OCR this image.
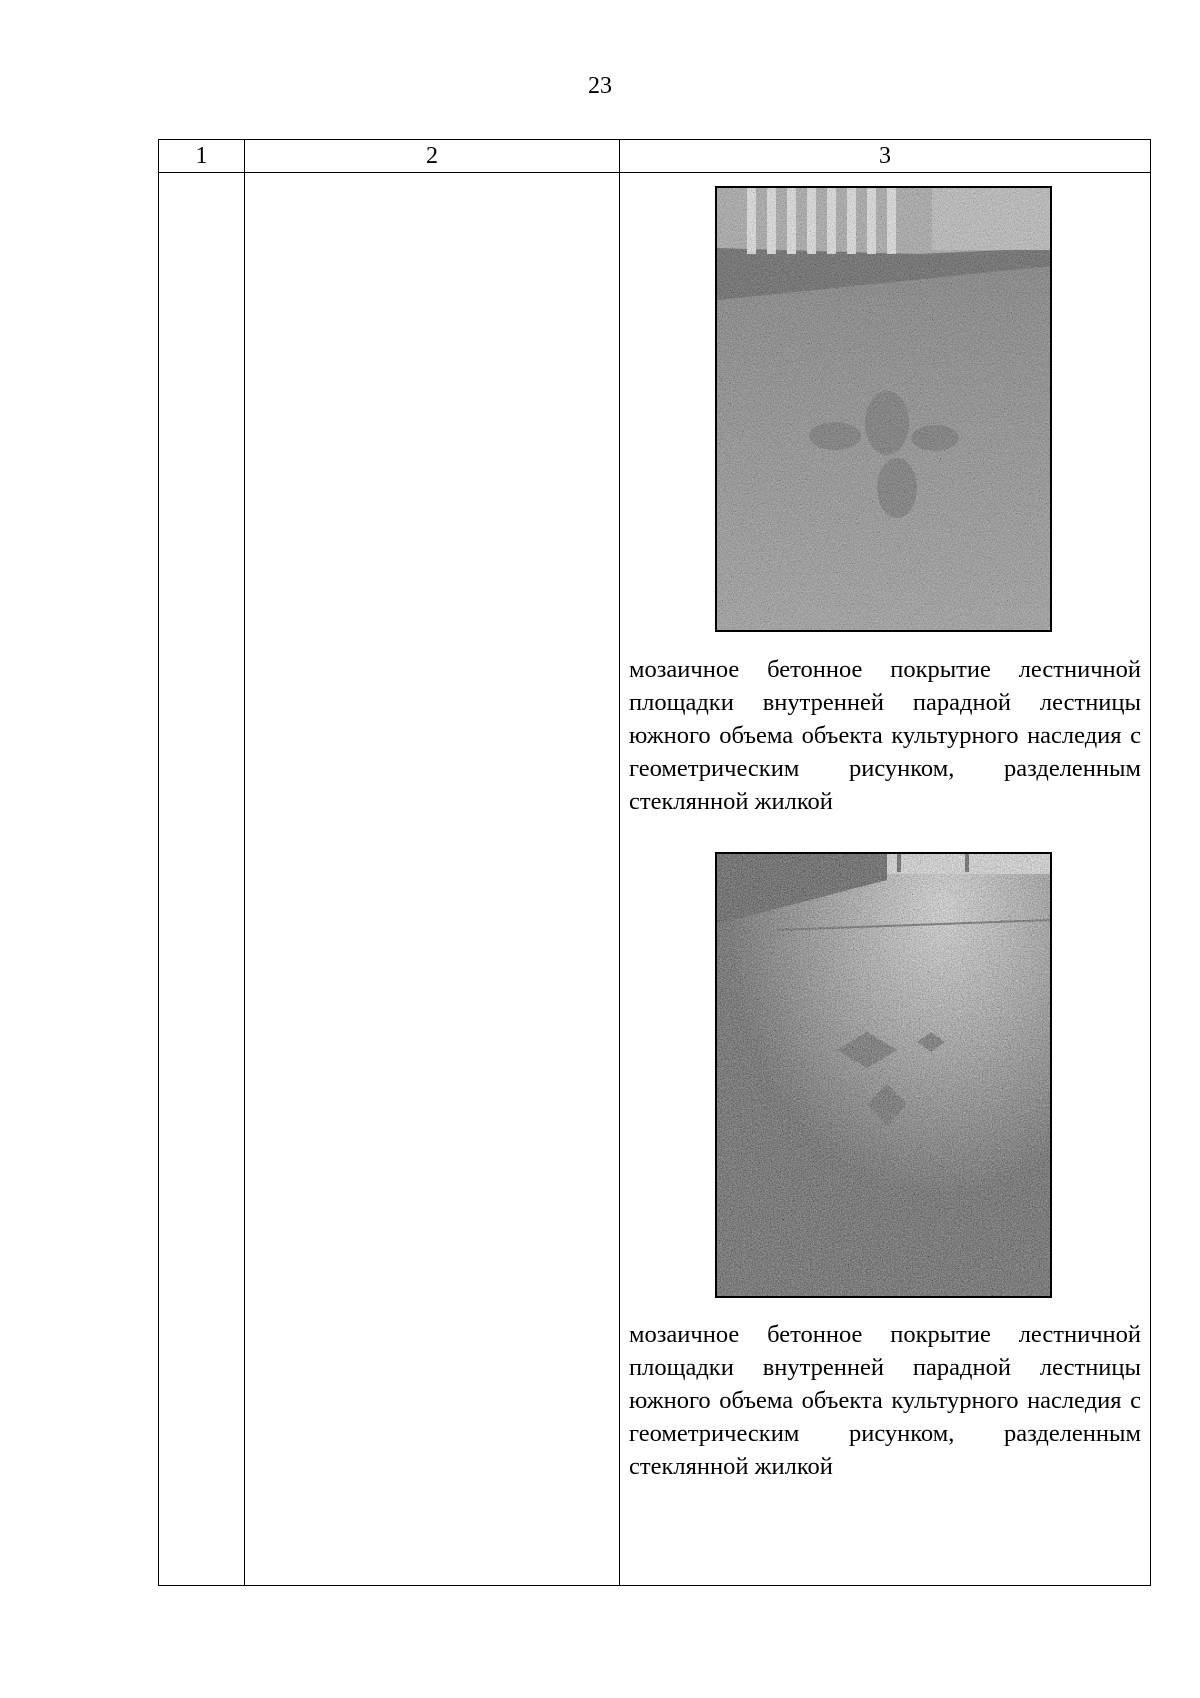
23
1	2	3
мозаичное бетонное покрытие лестничной площадки внутренней парадной лестницы южного объема объекта культурного наследия с геометрическим рисунком, разделенным стеклянной жилкой
мозаичное бетонное покрытие лестничной площадки внутренней парадной лестницы южного объема объекта культурного наследия с геометрическим рисунком, разделенным стеклянной жилкой
